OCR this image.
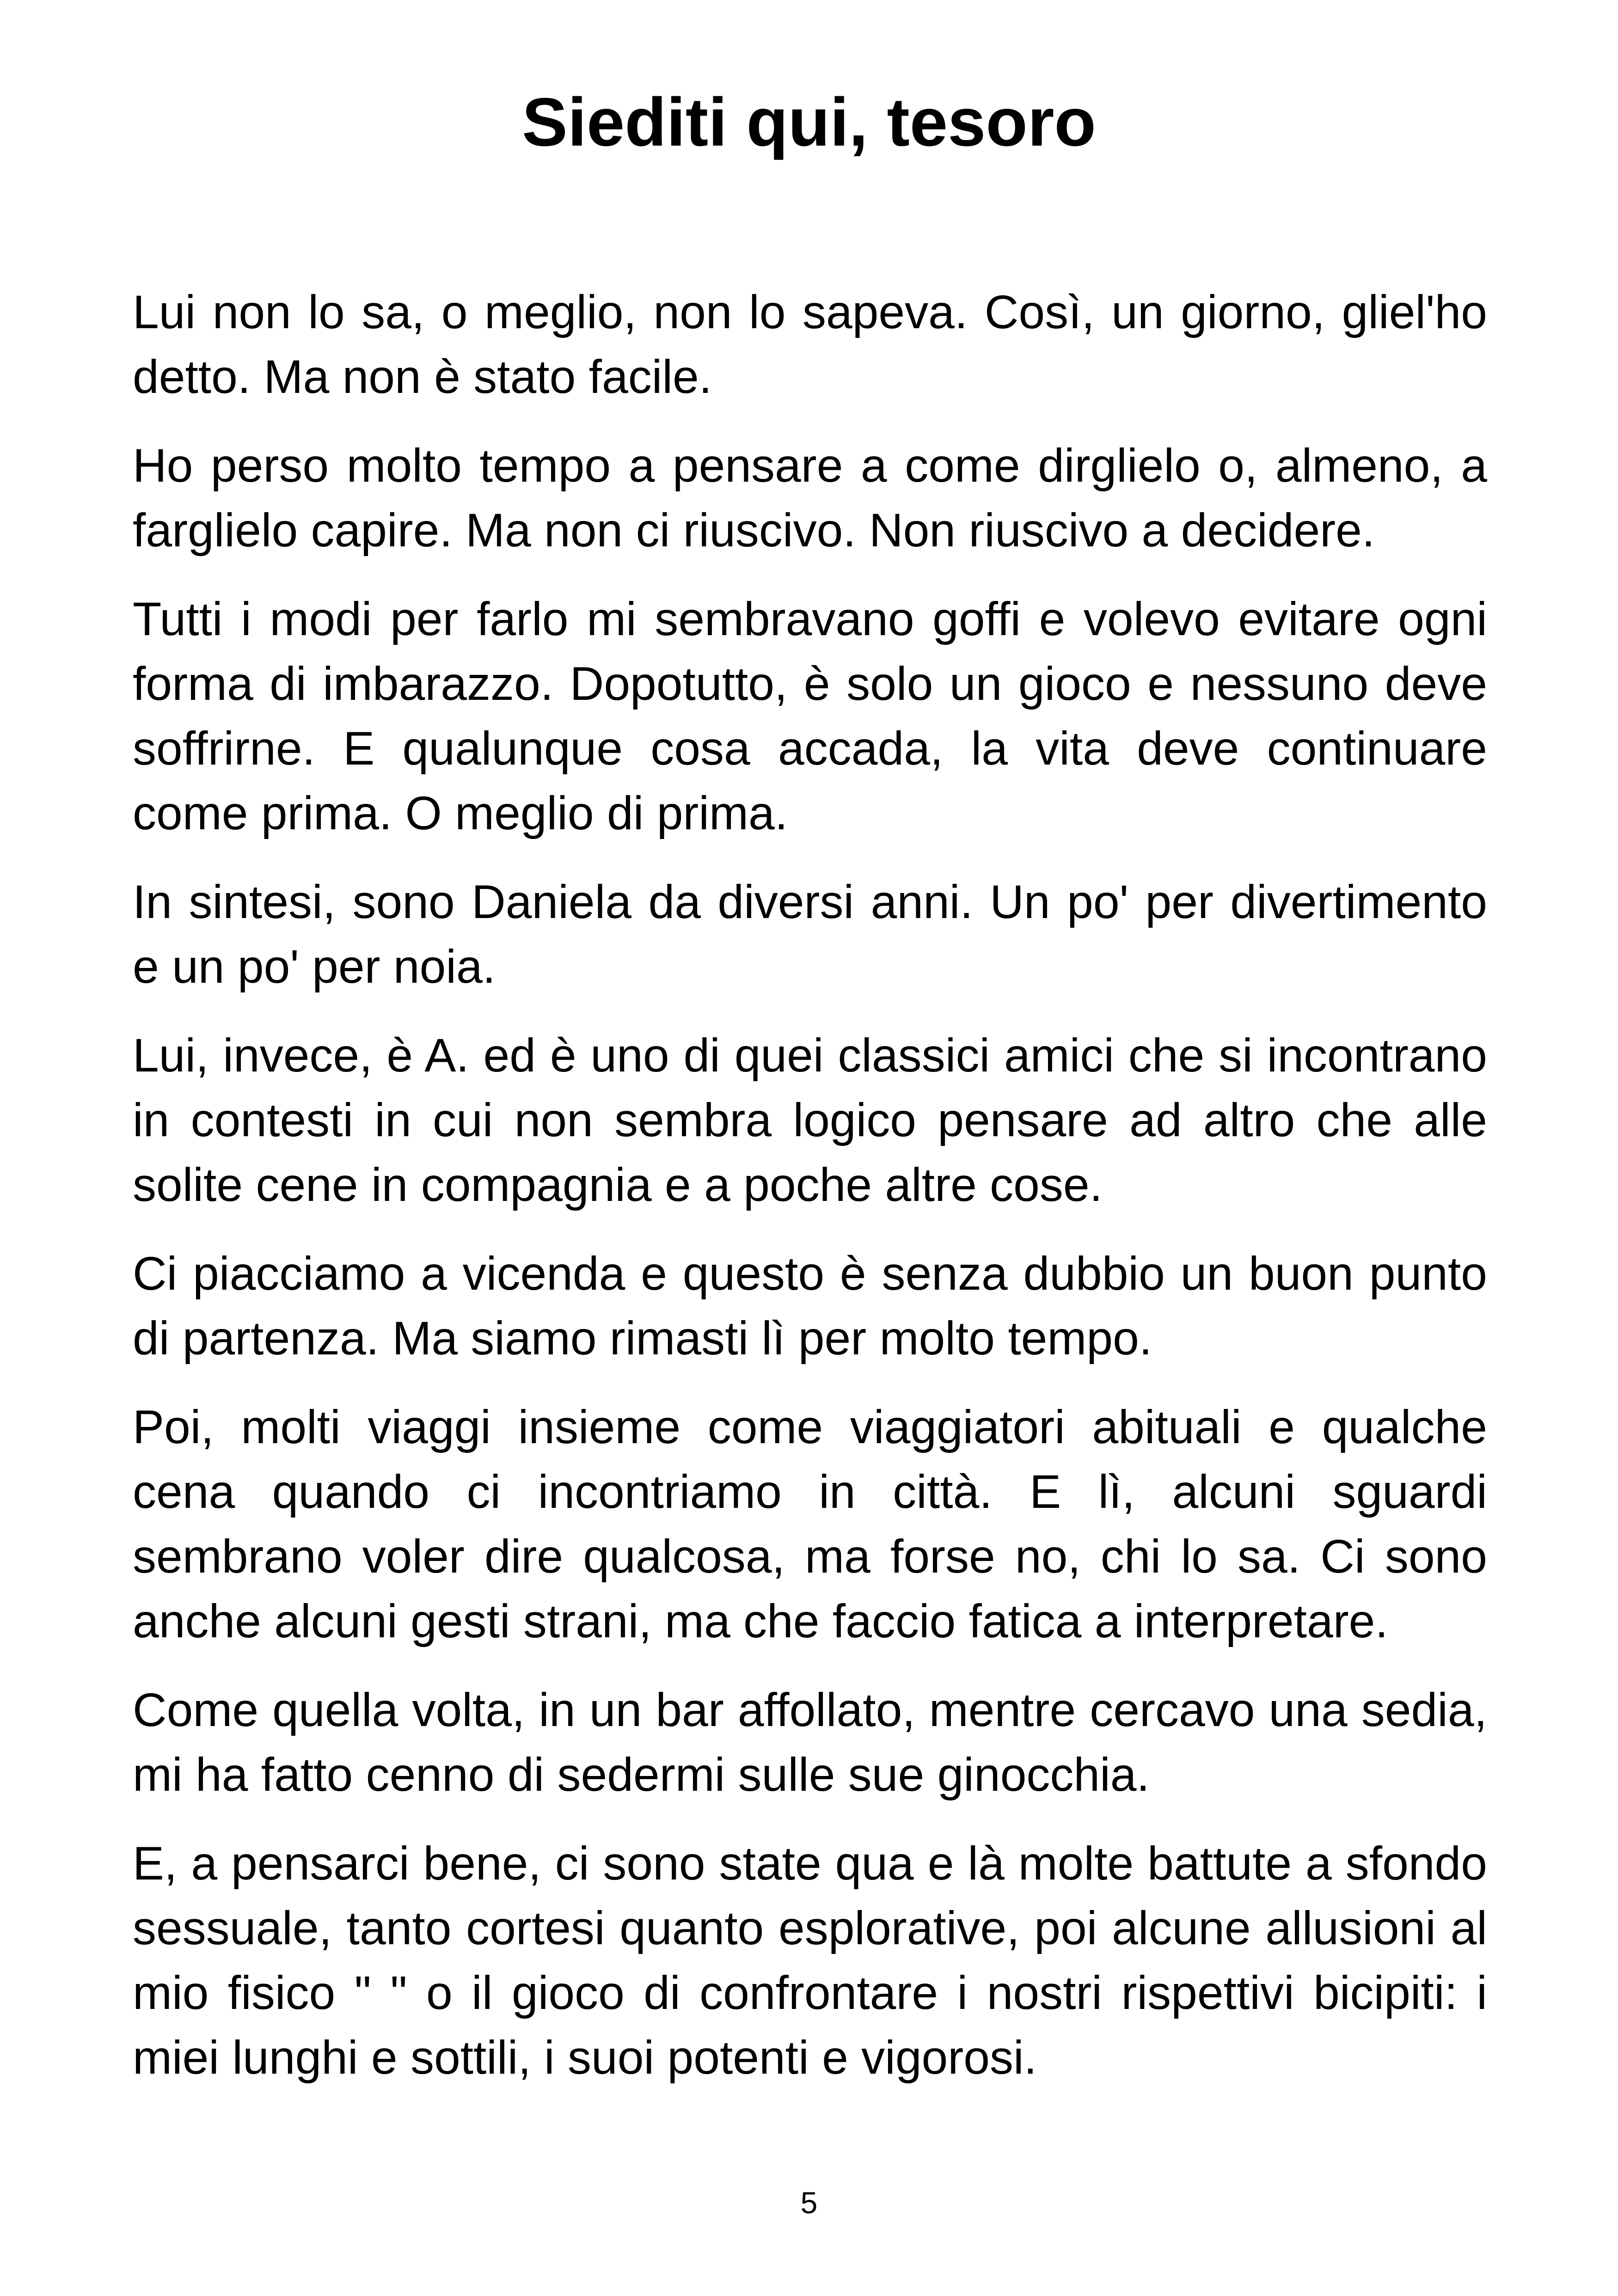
Siediti qui, tesoro

Lui non lo sa, o meglio, non lo sapeva. Così, un giorno, gliel'ho detto. Ma non è stato facile.

Ho perso molto tempo a pensare a come dirglielo o, almeno, a farglielo capire. Ma non ci riuscivo. Non riuscivo a decidere.

Tutti i modi per farlo mi sembravano goffi e volevo evitare ogni forma di imbarazzo. Dopotutto, è solo un gioco e nessuno deve soffrirne. E qualunque cosa accada, la vita deve continuare come prima. O meglio di prima.

In sintesi, sono Daniela da diversi anni. Un po' per divertimento e un po' per noia.

Lui, invece, è A. ed è uno di quei classici amici che si incontrano in contesti in cui non sembra logico pensare ad altro che alle solite cene in compagnia e a poche altre cose.

Ci piacciamo a vicenda e questo è senza dubbio un buon punto di partenza. Ma siamo rimasti lì per molto tempo.

Poi, molti viaggi insieme come viaggiatori abituali e qualche cena quando ci incontriamo in città. E lì, alcuni sguardi sembrano voler dire qualcosa, ma forse no, chi lo sa. Ci sono anche alcuni gesti strani, ma che faccio fatica a interpretare.

Come quella volta, in un bar affollato, mentre cercavo una sedia, mi ha fatto cenno di sedermi sulle sue ginocchia.

E, a pensarci bene, ci sono state qua e là molte battute a sfondo sessuale, tanto cortesi quanto esplorative, poi alcune allusioni al mio fisico " " o il gioco di confrontare i nostri rispettivi bicipiti: i miei lunghi e sottili, i suoi potenti e vigorosi.

5
